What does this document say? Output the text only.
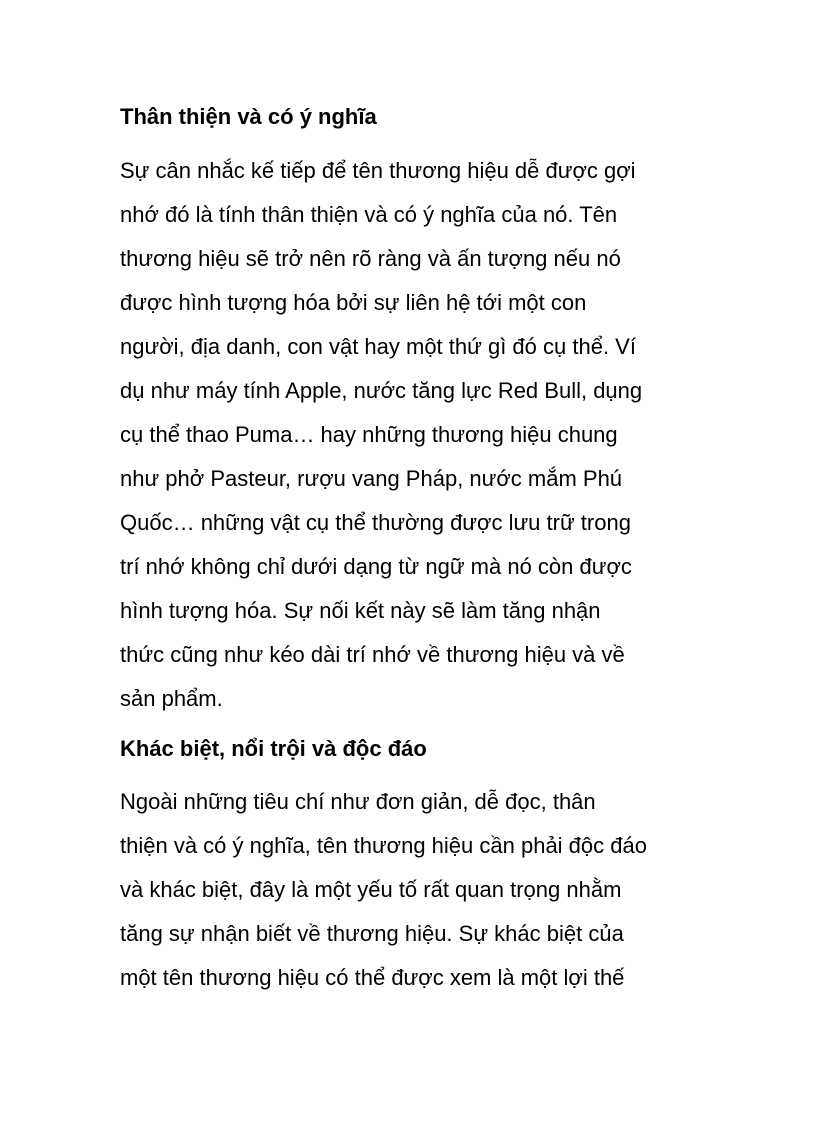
Thân thiện và có ý nghĩa
Sự cân nhắc kế tiếp để tên thương hiệu dễ được gợi
nhớ đó là tính thân thiện và có ý nghĩa của nó. Tên
thương hiệu sẽ trở nên rõ ràng và ấn tượng nếu nó
được hình tượng hóa bởi sự liên hệ tới một con
người, địa danh, con vật hay một thứ gì đó cụ thể. Ví
dụ như máy tính Apple, nước tăng lực Red Bull, dụng
cụ thể thao Puma… hay những thương hiệu chung
như phở Pasteur, rượu vang Pháp, nước mắm Phú
Quốc… những vật cụ thể thường được lưu trữ trong
trí nhớ không chỉ dưới dạng từ ngữ mà nó còn được
hình tượng hóa. Sự nối kết này sẽ làm tăng nhận
thức cũng như kéo dài trí nhớ về thương hiệu và về
sản phẩm.
Khác biệt, nổi trội và độc đáo
Ngoài những tiêu chí như đơn giản, dễ đọc, thân
thiện và có ý nghĩa, tên thương hiệu cần phải độc đáo
và khác biệt, đây là một yếu tố rất quan trọng nhằm
tăng sự nhận biết về thương hiệu. Sự khác biệt của
một tên thương hiệu có thể được xem là một lợi thế
